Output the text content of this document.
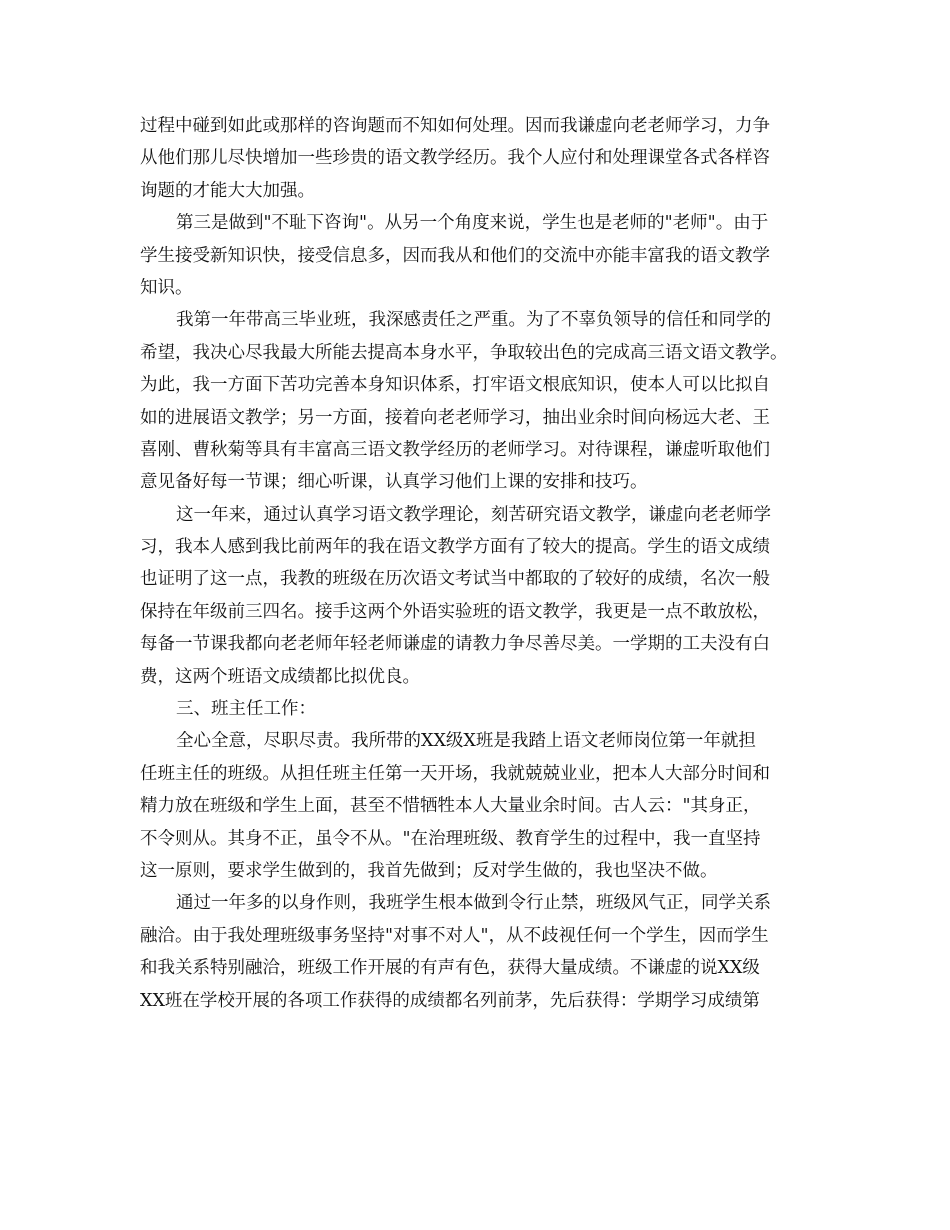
过程中碰到如此或那样的咨询题而不知如何处理。因而我谦虚向老老师学习，力争
从他们那儿尽快增加一些珍贵的语文教学经历。我个人应付和处理课堂各式各样咨
询题的才能大大加强。
第三是做到"不耻下咨询"。从另一个角度来说，学生也是老师的"老师"。由于
学生接受新知识快，接受信息多，因而我从和他们的交流中亦能丰富我的语文教学
知识。
我第一年带高三毕业班，我深感责任之严重。为了不辜负领导的信任和同学的
希望，我决心尽我最大所能去提高本身水平，争取较出色的完成高三语文语文教学。
为此，我一方面下苦功完善本身知识体系，打牢语文根底知识，使本人可以比拟自
如的进展语文教学；另一方面，接着向老老师学习，抽出业余时间向杨远大老、王
喜刚、曹秋菊等具有丰富高三语文教学经历的老师学习。对待课程，谦虚听取他们
意见备好每一节课；细心听课，认真学习他们上课的安排和技巧。
这一年来，通过认真学习语文教学理论，刻苦研究语文教学，谦虚向老老师学
习，我本人感到我比前两年的我在语文教学方面有了较大的提高。学生的语文成绩
也证明了这一点，我教的班级在历次语文考试当中都取的了较好的成绩，名次一般
保持在年级前三四名。接手这两个外语实验班的语文教学，我更是一点不敢放松，
每备一节课我都向老老师年轻老师谦虚的请教力争尽善尽美。一学期的工夫没有白
费，这两个班语文成绩都比拟优良。
三、班主任工作：
全心全意，尽职尽责。我所带的XX级X班是我踏上语文老师岗位第一年就担
任班主任的班级。从担任班主任第一天开场，我就兢兢业业，把本人大部分时间和
精力放在班级和学生上面，甚至不惜牺牲本人大量业余时间。古人云："其身正，
不令则从。其身不正，虽令不从。"在治理班级、教育学生的过程中，我一直坚持
这一原则，要求学生做到的，我首先做到；反对学生做的，我也坚决不做。
通过一年多的以身作则，我班学生根本做到令行止禁，班级风气正，同学关系
融洽。由于我处理班级事务坚持"对事不对人"，从不歧视任何一个学生，因而学生
和我关系特别融洽，班级工作开展的有声有色，获得大量成绩。不谦虚的说XX级
XX班在学校开展的各项工作获得的成绩都名列前茅，先后获得：学期学习成绩第
